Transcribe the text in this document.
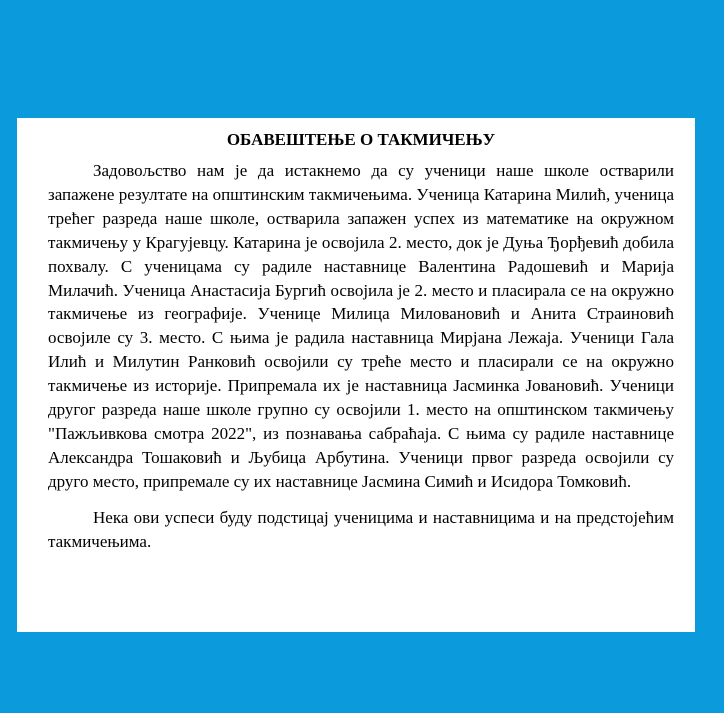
ОБАВЕШТЕЊЕ О ТАКМИЧЕЊУ

Задовољство нам је да истакнемо да су ученици наше школе остварили запажене резултате на општинским такмичењима. Ученица Катарина Милић, ученица трећег разреда наше школе, остварила запажен успех из математике на окружном такмичењу у Крагујевцу. Катарина је освојила 2. место, док је Дуња Ђорђевић добила похвалу. С ученицама су радиле наставнице Валентина Радошевић и Марија Милачић. Ученица Анастасија Бургић освојила је 2. место и пласирала се на окружно такмичење из географије. Ученице Милица Миловановић и Анита Страиновић освојиле су 3. место. С њима је радила наставница Мирјана Лежаја. Ученици Гала Илић и Милутин Ранковић освојили су треће место и пласирали се на окружно такмичење из историје. Припремала их је наставница Јасминка Јовановић. Ученици другог разреда наше школе групно су освојили 1. место на општинском такмичењу "Пажљивкова смотра 2022", из познавања сабраћаја. С њима су радиле наставнице Александра Тошаковић и Љубица Арбутина. Ученици првог разреда освојили су друго место, припремале су их наставнице Јасмина Симић и Исидора Томковић.

Нека ови успеси буду подстицај ученицима и наставницима и на предстојећим такмичењима.
